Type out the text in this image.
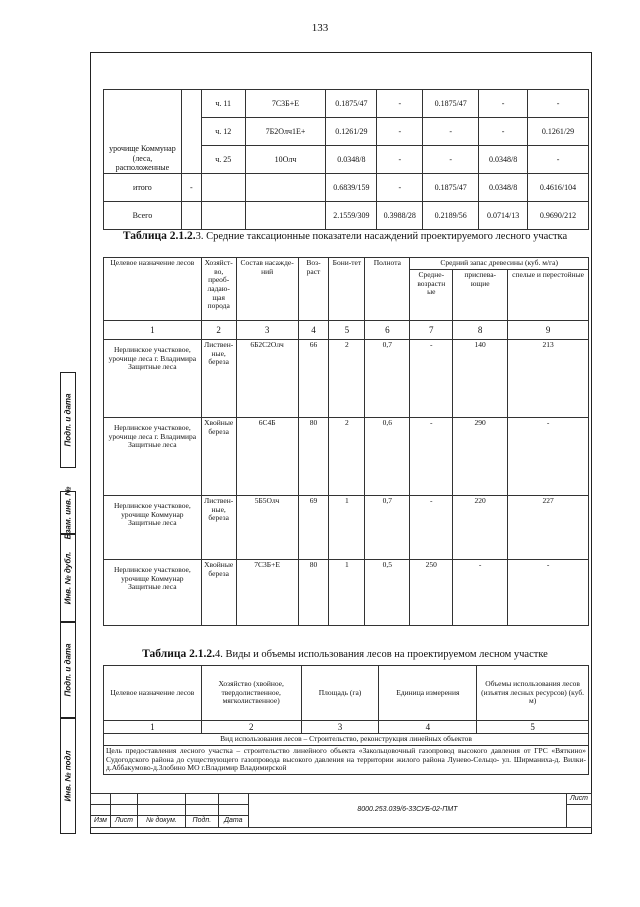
133
урочище Коммунар (леса, расположенные		ч. 11	7С3Б+Е	0.1875/47	-	0.1875/47	-	-
		ч. 12	7Б2Олч1Е+	0.1261/29	-	-	-	0.1261/29
		ч. 25	10Олч	0.0348/8	-	-	0.0348/8	-
итого	-			0.6839/159	-	0.1875/47	0.0348/8	0.4616/104
Всего				2.1559/309	0.3988/28	0.2189/56	0.0714/13	0.9690/212
Таблица 2.1.2.3. Средние таксационные показатели насаждений проектируемого лесного участка
Целевое назначение лесов	Хозяйст-во, преоб-ладаю-щая порода	Состав насажде-ний	Воз-раст	Бони-тет	Полнота	Средний запас древесины (куб. м/га)		
						Средне-возрастн ые	приспева-ющие	спелые и перестойные
1	2	3	4	5	6	7	8	9
Нерлинское участковое, урочище леса г. Владимира Защитные леса	Листвен-ные, береза	6Б2С2Олч	66	2	0,7	-	140	213
Нерлинское участковое, урочище леса г. Владимира Защитные леса	Хвойные береза	6С4Б	80	2	0,6	-	290	-
Нерлинское участковое, урочище Коммунар Защитные леса	Листвен-ные, береза	5Б5Олч	69	1	0,7	-	220	227
Нерлинское участковое, урочище Коммунар Защитные леса	Хвойные береза	7С3Б+Е	80	1	0,5	250	-	-
Таблица 2.1.2.4. Виды и объемы использования лесов на проектируемом лесном участке
Целевое назначение лесов	Хозяйство (хвойное, твердолиственное, мягколиственное)	Площадь (га)	Единица измерения	Объемы использования лесов (изъятия лесных ресурсов) (куб. м)
1	2	3	4	5
Вид использования лесов – Строительство, реконструкция линейных объектов				
Цель предоставления лесного участка – строительство линейного объекта «Закольцовочный газопровод высокого давления от ГРС «Вяткино» Судогодского района до существующего газопровода высокого давления на территории жилого района Лунево-Сельцо- ул. Ширманиха-д. Вилки-д.Аббакумово-д.Злобино МО г.Владимир Владимирской				
Подп. и дата
Взам. инв. №
Инв. № дубл.
Подп. и дата
Инв. № подл
					8000.253.039/6-33СУБ-02-ПМТ	Лист

Изм	Лист	№ докум.	Подп.	Дата		
